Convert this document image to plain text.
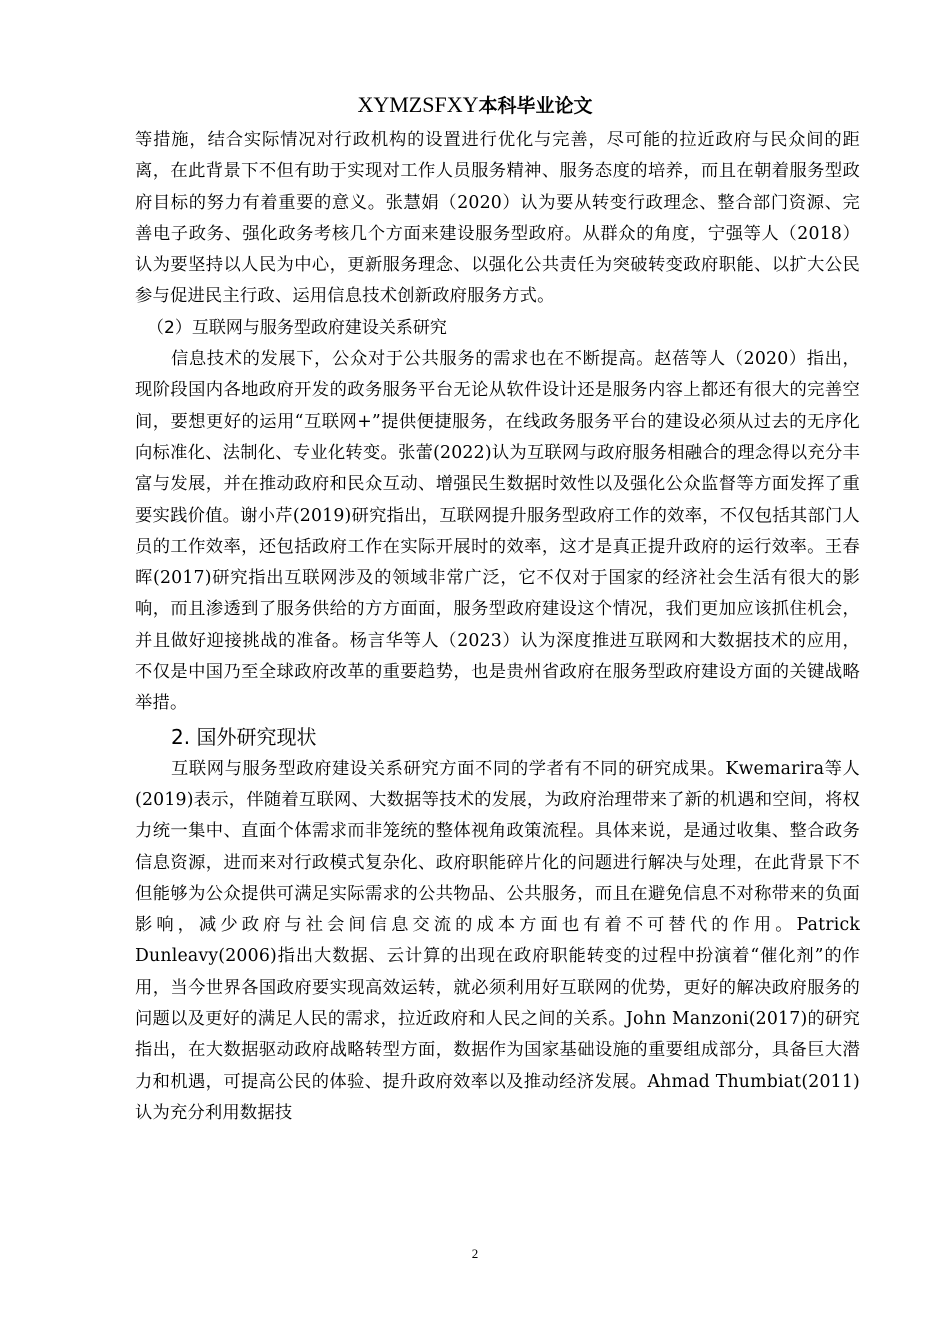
XYMZSFXY本科毕业论文

等措施，结合实际情况对行政机构的设置进行优化与完善，尽可能的拉近政府与民众间的距离，在此背景下不但有助于实现对工作人员服务精神、服务态度的培养，而且在朝着服务型政府目标的努力有着重要的意义。张慧娟（2020）认为要从转变行政理念、整合部门资源、完善电子政务、强化政务考核几个方面来建设服务型政府。从群众的角度，宁强等人（2018）认为要坚持以人民为中心，更新服务理念、以强化公共责任为突破转变政府职能、以扩大公民参与促进民主行政、运用信息技术创新政府服务方式。

（2）互联网与服务型政府建设关系研究

信息技术的发展下，公众对于公共服务的需求也在不断提高。赵蓓等人（2020）指出，现阶段国内各地政府开发的政务服务平台无论从软件设计还是服务内容上都还有很大的完善空间，要想更好的运用“互联网+”提供便捷服务，在线政务服务平台的建设必须从过去的无序化向标准化、法制化、专业化转变。张蕾(2022)认为互联网与政府服务相融合的理念得以充分丰富与发展，并在推动政府和民众互动、增强民生数据时效性以及强化公众监督等方面发挥了重要实践价值。谢小芹(2019)研究指出，互联网提升服务型政府工作的效率，不仅包括其部门人员的工作效率，还包括政府工作在实际开展时的效率，这才是真正提升政府的运行效率。王春晖(2017)研究指出互联网涉及的领域非常广泛，它不仅对于国家的经济社会生活有很大的影响，而且渗透到了服务供给的方方面面，服务型政府建设这个情况，我们更加应该抓住机会，并且做好迎接挑战的准备。杨言华等人（2023）认为深度推进互联网和大数据技术的应用，不仅是中国乃至全球政府改革的重要趋势，也是贵州省政府在服务型政府建设方面的关键战略举措。

2. 国外研究现状

互联网与服务型政府建设关系研究方面不同的学者有不同的研究成果。Kwemarira等人(2019)表示，伴随着互联网、大数据等技术的发展，为政府治理带来了新的机遇和空间，将权力统一集中、直面个体需求而非笼统的整体视角政策流程。具体来说，是通过收集、整合政务信息资源，进而来对行政模式复杂化、政府职能碎片化的问题进行解决与处理，在此背景下不但能够为公众提供可满足实际需求的公共物品、公共服务，而且在避免信息不对称带来的负面影响，减少政府与社会间信息交流的成本方面也有着不可替代的作用。Patrick Dunleavy(2006)指出大数据、云计算的出现在政府职能转变的过程中扮演着“催化剂”的作用，当今世界各国政府要实现高效运转，就必须利用好互联网的优势，更好的解决政府服务的问题以及更好的满足人民的需求，拉近政府和人民之间的关系。John Manzoni(2017)的研究指出，在大数据驱动政府战略转型方面，数据作为国家基础设施的重要组成部分，具备巨大潜力和机遇，可提高公民的体验、提升政府效率以及推动经济发展。Ahmad Thumbiat(2011)认为充分利用数据技

2
